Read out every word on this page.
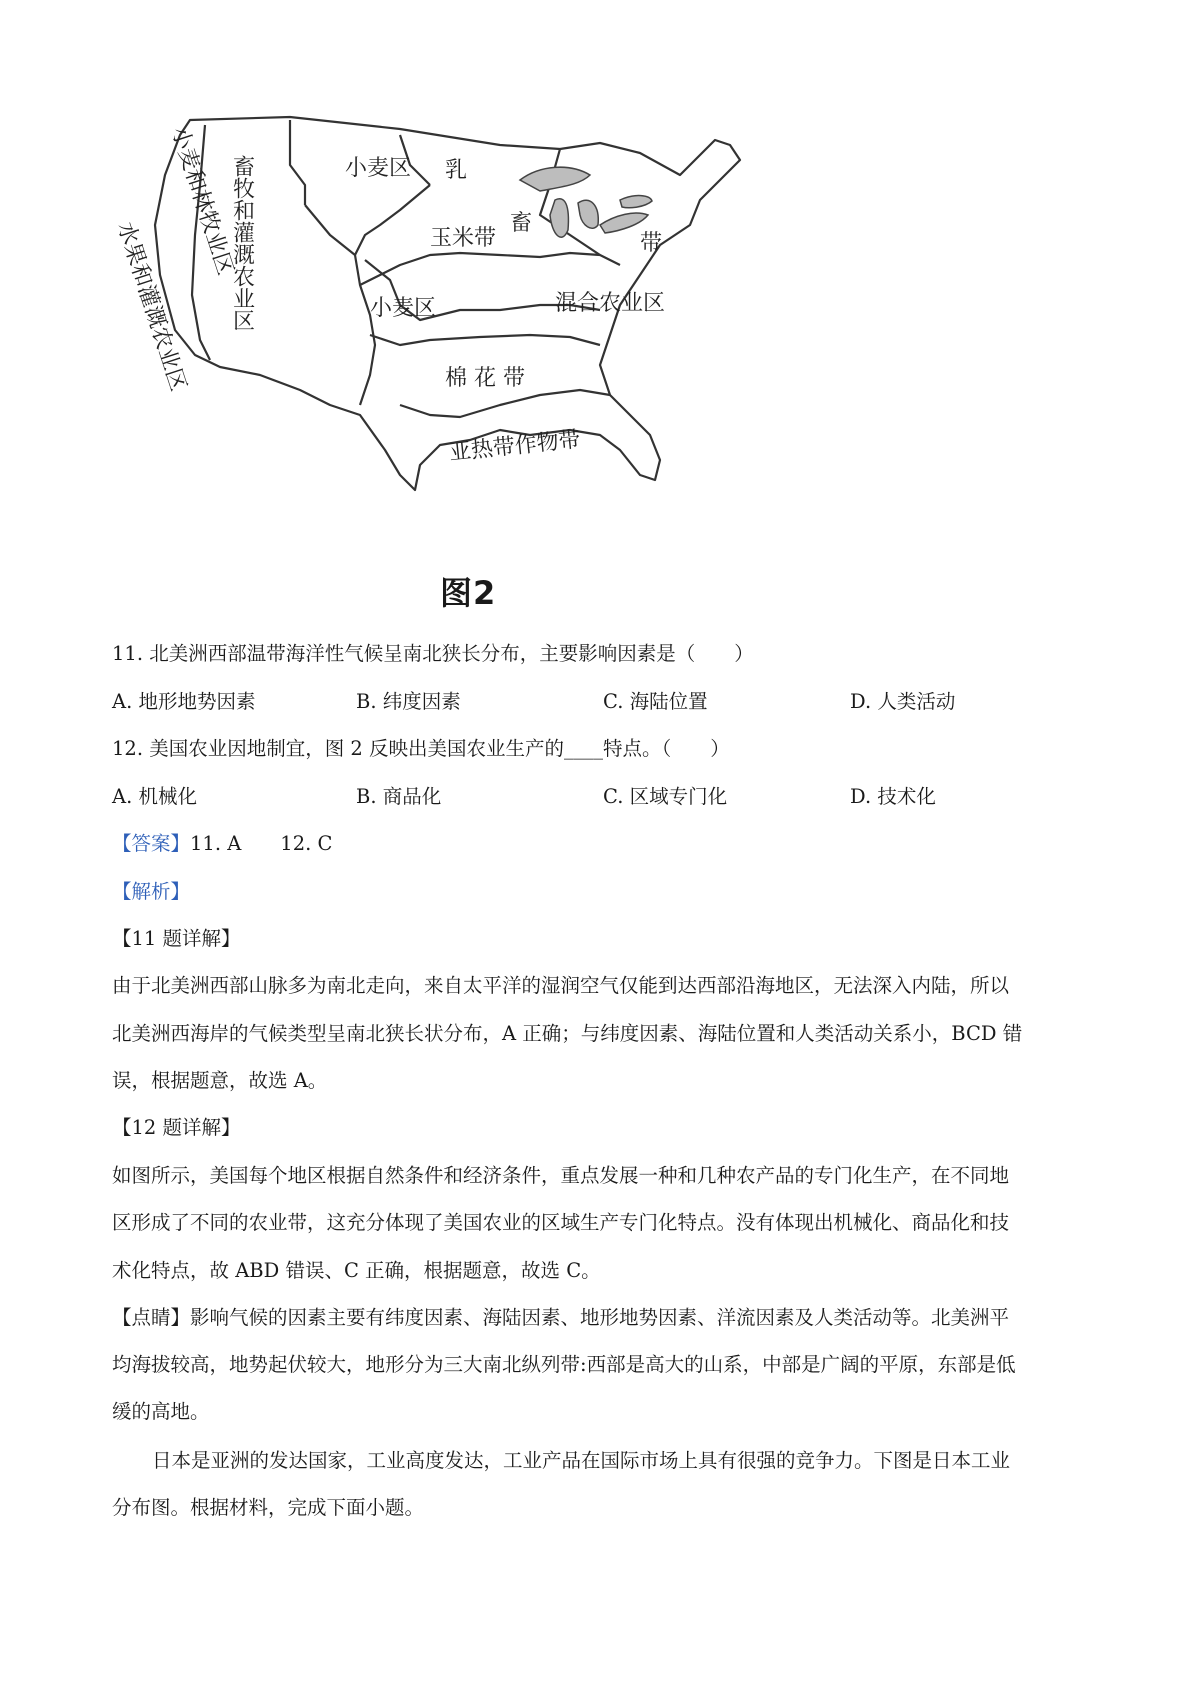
小麦和林牧业区
水果和灌溉农业区 畜牧和灌溉农业区	小麦区 乳
畜
带
玉米带
小麦区	混合农业区
棉 花 带
亚热带作物带
图2
11. 北美洲西部温带海洋性气候呈南北狭长分布，主要影响因素是（　　）
A. 地形地势因素	B. 纬度因素	C. 海陆位置	D. 人类活动
12. 美国农业因地制宜，图 2 反映出美国农业生产的____特点。（　　）
A. 机械化	B. 商品化	C. 区域专门化	D. 技术化
【答案】11. A　　12. C
【解析】
【11 题详解】
由于北美洲西部山脉多为南北走向，来自太平洋的湿润空气仅能到达西部沿海地区，无法深入内陆，所以
北美洲西海岸的气候类型呈南北狭长状分布，A 正确；与纬度因素、海陆位置和人类活动关系小，BCD 错
误，根据题意，故选 A。
【12 题详解】
如图所示，美国每个地区根据自然条件和经济条件，重点发展一种和几种农产品的专门化生产，在不同地
区形成了不同的农业带，这充分体现了美国农业的区域生产专门化特点。没有体现出机械化、商品化和技
术化特点，故 ABD 错误、C 正确，根据题意，故选 C。
【点睛】影响气候的因素主要有纬度因素、海陆因素、地形地势因素、洋流因素及人类活动等。北美洲平
均海拔较高，地势起伏较大，地形分为三大南北纵列带:西部是高大的山系，中部是广阔的平原，东部是低
缓的高地。
日本是亚洲的发达国家，工业高度发达，工业产品在国际市场上具有很强的竞争力。下图是日本工业
分布图。根据材料，完成下面小题。
